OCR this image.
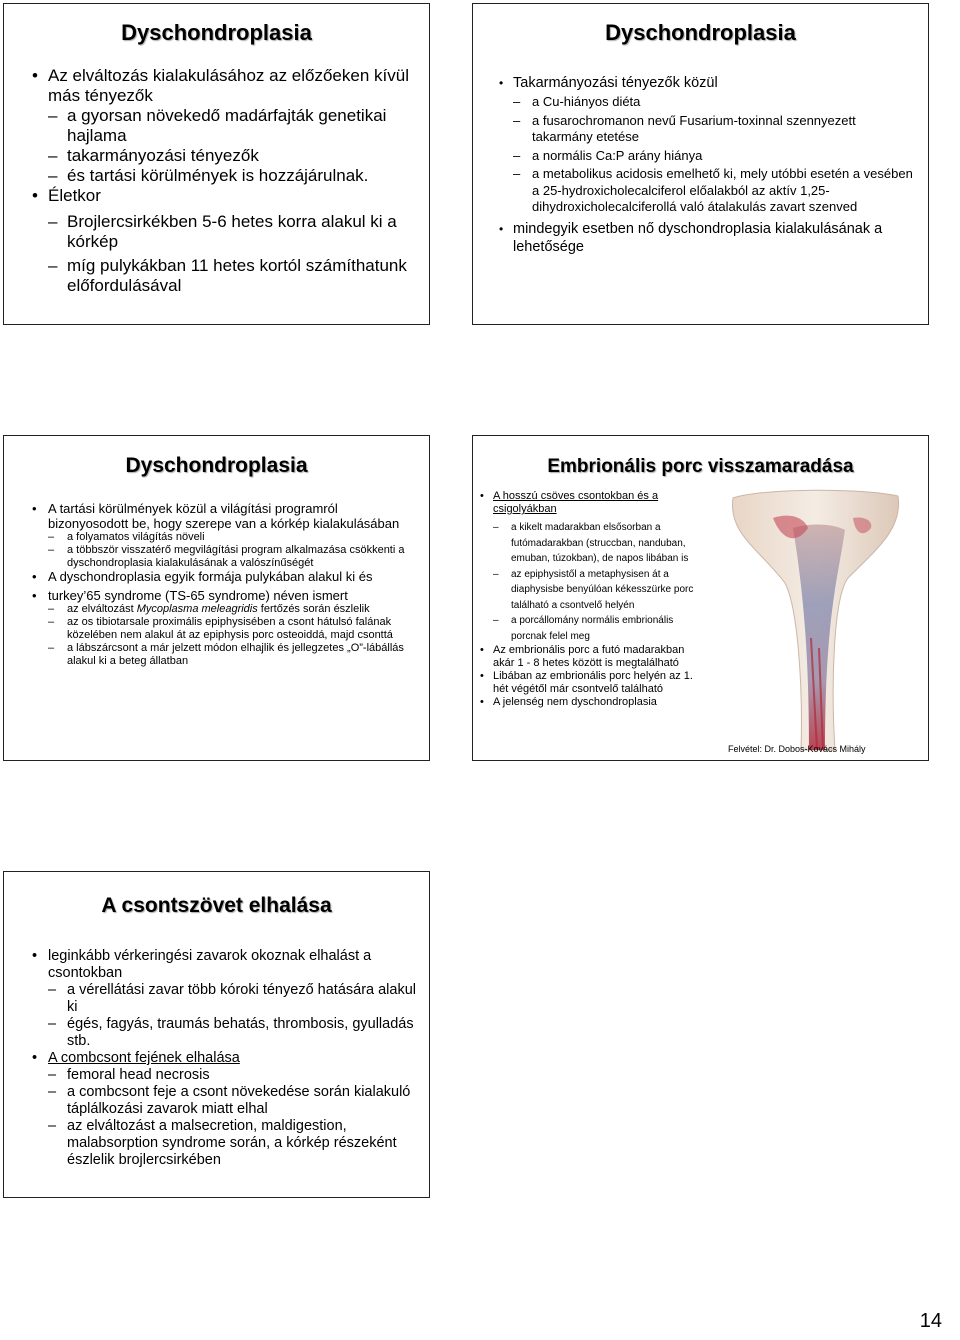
Dyschondroplasia
• Az elváltozás kialakulásához az előzőeken kívül más tényezők
– a gyorsan növekedő madárfajták genetikai hajlama
– takarmányozási tényezők
– és tartási körülmények is hozzájárulnak.
• Életkor
– Brojlercsirkékben 5-6 hetes korra alakul ki a kórkép
– míg pulykákban 11 hetes kortól számíthatunk előfordulásával
Dyschondroplasia
• Takarmányozási tényezők közül
– a Cu-hiányos diéta
– a fusarochromanon nevű Fusarium-toxinnal szennyezett takarmány etetése
– a normális Ca:P arány hiánya
– a metabolikus acidosis emelhető ki, mely utóbbi esetén a vesében a 25-hydroxicholecalciferol előalakból az aktív 1,25-dihydroxicholecalciferollá való átalakulás zavart szenved
• mindegyik esetben nő dyschondroplasia kialakulásának a lehetősége
Dyschondroplasia
• A tartási körülmények közül a világítási programról bizonyosodott be, hogy szerepe van a kórkép kialakulásában
– a folyamatos világítás növeli
– a többször visszatérő megvilágítási program alkalmazása csökkenti a dyschondroplasia kialakulásának a valószínűségét
• A dyschondroplasia egyik formája pulykában alakul ki és
• turkey’65 syndrome (TS-65 syndrome) néven ismert
– az elváltozást Mycoplasma meleagridis fertőzés során észlelik
– az os tibiotarsale proximális epiphysisében a csont hátulsó falának közelében nem alakul át az epiphysis porc osteoiddá, majd csonttá
– a lábszárcsont a már jelzett módon elhajlik és jellegzetes „O”-lábállás alakul ki a beteg állatban
Embrionális porc visszamaradása
• A hosszú csöves csontokban és a csigolyákban
– a kikelt madarakban elsősorban a futómadarakban (struccban, nanduban, emuban, túzokban), de napos libában is
– az epiphysistől a metaphysisen át a diaphysisbe benyúlóan kékesszürke porc található a csontvelő helyén
– a porcállomány normális embrionális porcnak felel meg
• Az embrionális porc a futó madarakban akár 1 - 8 hetes között is megtalálható
• Libában az embrionális porc helyén az 1. hét végétől már csontvelő található
• A jelenség nem dyschondroplasia
Felvétel: Dr. Dobos-Kovács Mihály
A csontszövet elhalása
• leginkább vérkeringési zavarok okoznak elhalást a csontokban
– a vérellátási zavar több kóroki tényező hatására alakul ki
– égés, fagyás, traumás behatás, thrombosis, gyulladás stb.
• A combcsont fejének elhalása
– femoral head necrosis
– a combcsont feje a csont növekedése során kialakuló táplálkozási zavarok miatt elhal
– az elváltozást a malsecretion, maldigestion, malabsorption syndrome során, a kórkép részeként észlelik brojlercsirkében
14
